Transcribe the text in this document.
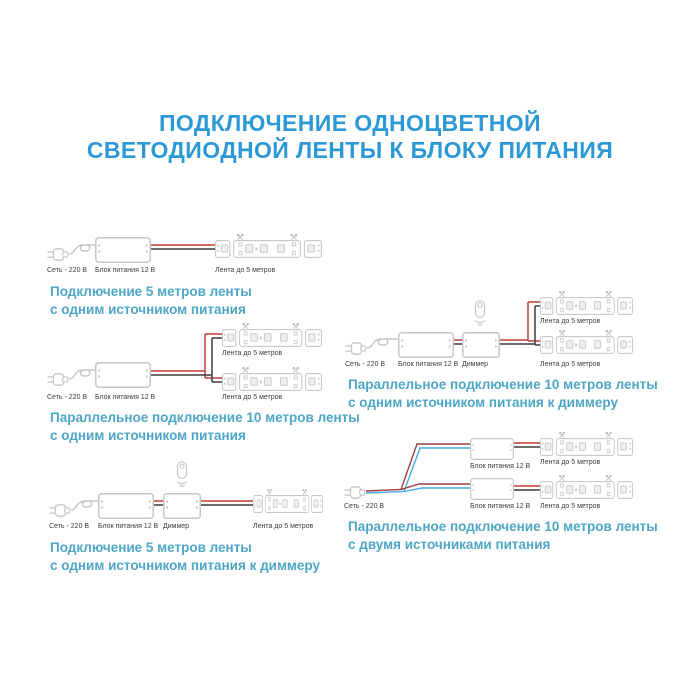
ПОДКЛЮЧЕНИЕ ОДНОЦВЕТНОЙ
СВЕТОДИОДНОЙ ЛЕНТЫ К БЛОКУ ПИТАНИЯ
Сеть - 220 В Блок питания 12 В	Лента до 5 метров
Подключение 5 метров ленты
с одним источником питания
Лента до 5 метров
Сеть - 220 В Блок питания 12 В	Лента до 5 метров
Параллельное подключение 10 метров ленты
с одним источником питания
Сеть - 220 В Блок питания 12 В Диммер	Лента до 5 метров
Подключение 5 метров ленты
с одним источником питания к диммеру
Лента до 5 метров
Сеть - 220 В Блок питания 12 В Диммер	Лента до 5 метров
Параллельное подключение 10 метров ленты
с одним источником питания к диммеру
Блок питания 12 В
Лента до 5 метров
Сеть - 220 В	Блок питания 12 В Лента до 5 метров
Параллельное подключение 10 метров ленты
с двумя источниками питания
